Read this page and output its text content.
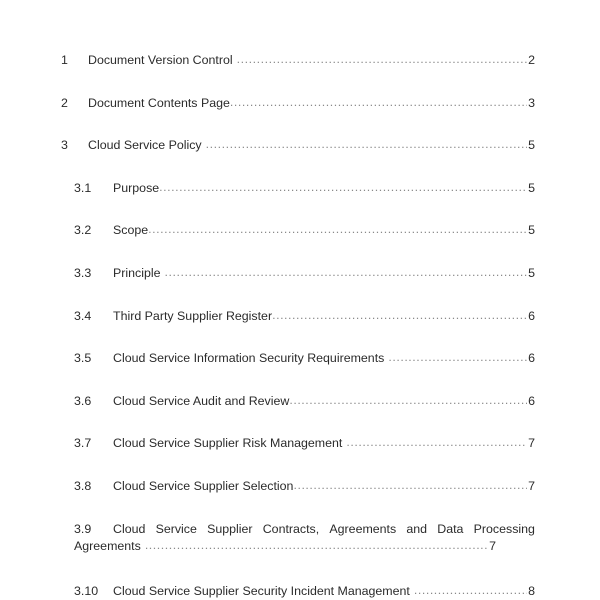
1	Document Version Control .....	2
2	Document Contents Page .....	3
3	Cloud Service Policy .....	5
3.1	Purpose .....	5
3.2	Scope .....	5
3.3	Principle .....	5
3.4	Third Party Supplier Register .....	6
3.5	Cloud Service Information Security Requirements .....	6
3.6	Cloud Service Audit and Review .....	6
3.7	Cloud Service Supplier Risk Management .....	7
3.8	Cloud Service Supplier Selection .....	7
3.9	Cloud Service Supplier Contracts, Agreements and Data Processing
Agreements .....	7
3.10	Cloud Service Supplier Security Incident Management .....	8
